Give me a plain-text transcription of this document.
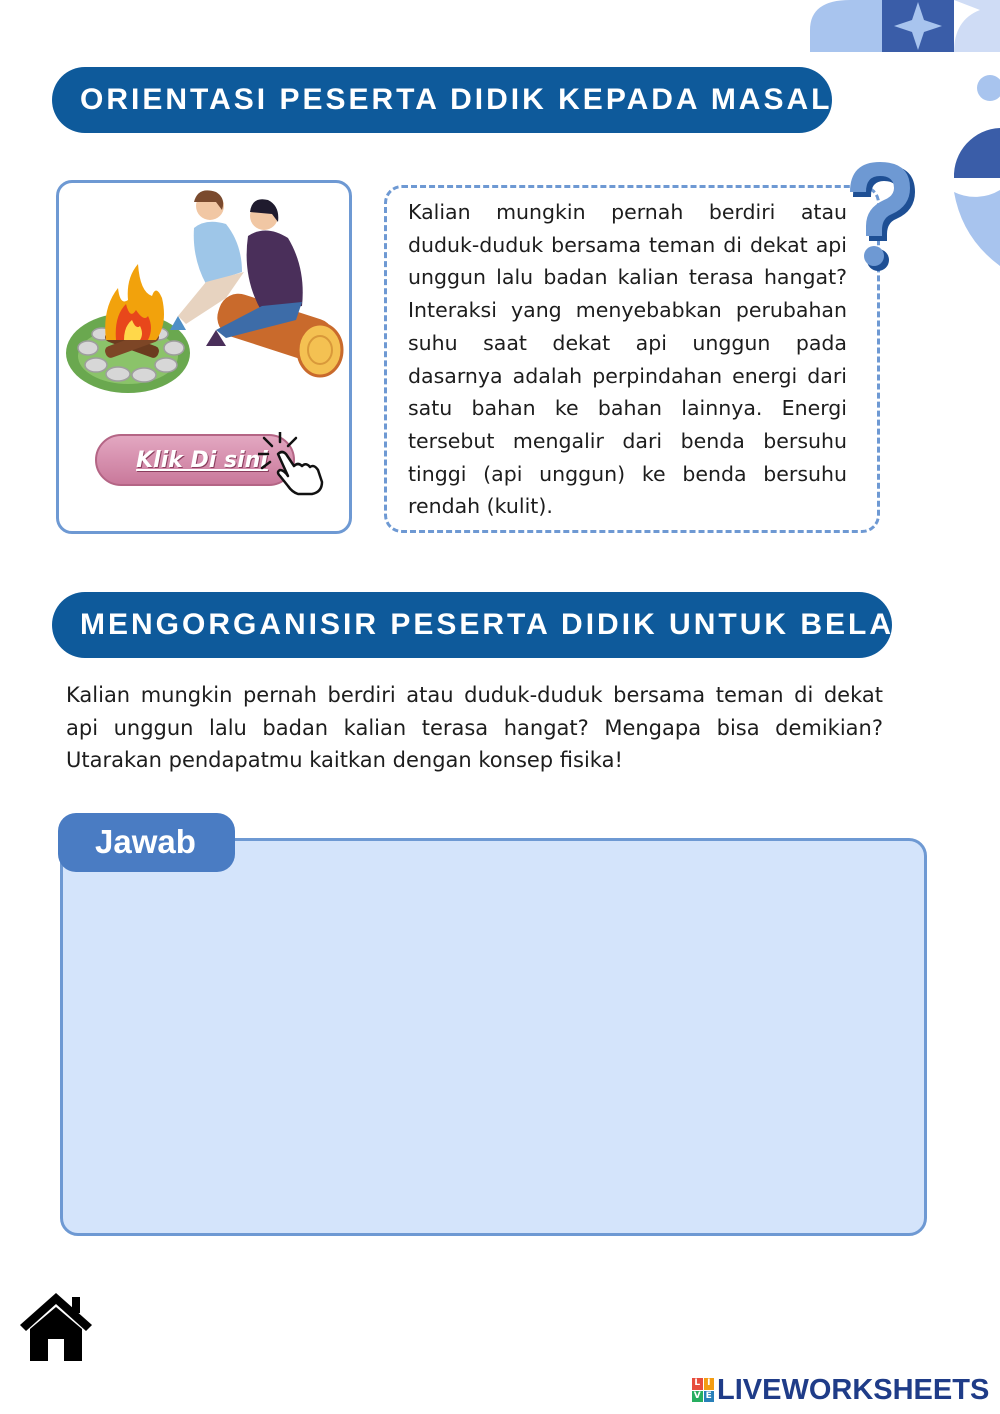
ORIENTASI PESERTA DIDIK KEPADA MASALAH
Klik Di sini

Kalian mungkin pernah berdiri atau duduk-duduk bersama teman di dekat api unggun lalu badan kalian terasa hangat? Interaksi yang menyebabkan perubahan suhu saat dekat api unggun pada dasarnya adalah perpindahan energi dari satu bahan ke bahan lainnya. Energi tersebut mengalir dari benda bersuhu tinggi (api unggun) ke benda bersuhu rendah (kulit).

MENGORGANISIR PESERTA DIDIK UNTUK BELAJAR

Kalian mungkin pernah berdiri atau duduk-duduk bersama teman di dekat api unggun lalu badan kalian terasa hangat? Mengapa bisa demikian? Utarakan pendapatmu kaitkan dengan konsep fisika!

Jawab
L I
V E LIVEWORKSHEETS
